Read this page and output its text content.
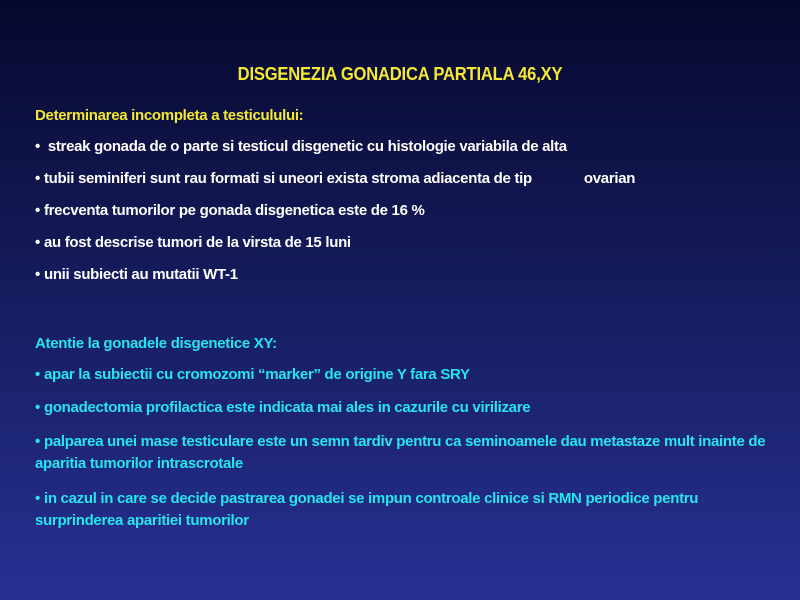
DISGENEZIA GONADICA PARTIALA 46,XY
Determinarea incompleta a testiculului:
• streak gonada de o parte si testicul disgenetic cu histologie variabila de alta
• tubii seminiferi sunt rau formati si uneori exista stroma adiacenta de tip	ovarian
• frecventa tumorilor pe gonada disgenetica este de 16 %
• au fost descrise tumori de la virsta de 15 luni
• unii subiecti au mutatii WT-1
Atentie la gonadele disgenetice XY:
• apar la subiectii cu cromozomi “marker” de origine Y fara SRY
• gonadectomia profilactica este indicata mai ales in cazurile cu virilizare
• palparea unei mase testiculare este un semn tardiv pentru ca seminoamele dau metastaze mult inainte de aparitia tumorilor intrascrotale
• in cazul in care se decide pastrarea gonadei se impun controale clinice si RMN periodice pentru surprinderea aparitiei tumorilor
